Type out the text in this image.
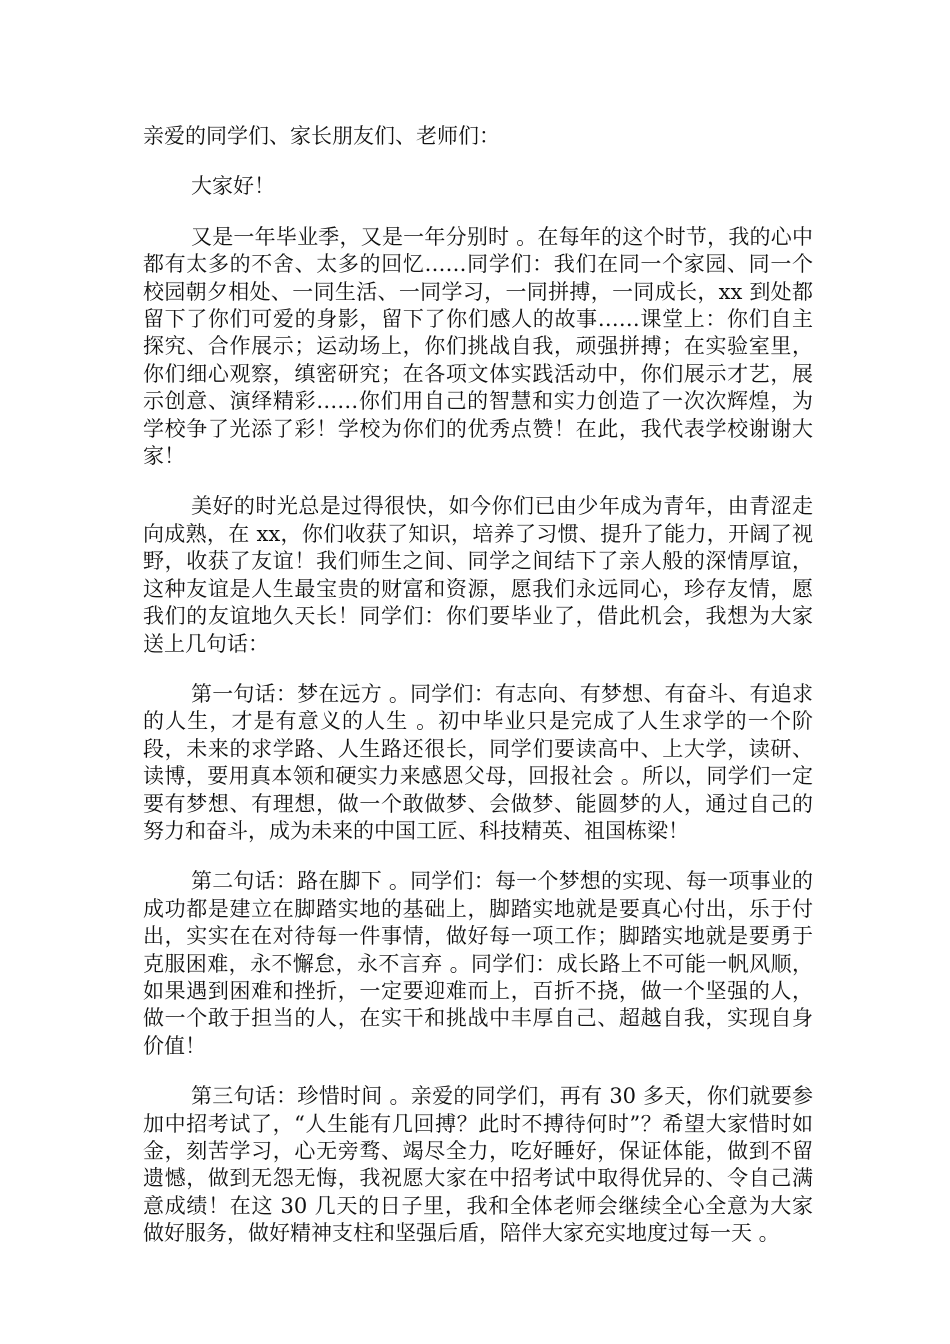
亲爱的同学们、家长朋友们、老师们：

大家好！

又是一年毕业季，又是一年分别时 。在每年的这个时节，我的心中都有太多的不舍、太多的回忆……同学们：我们在同一个家园、同一个校园朝夕相处、一同生活、一同学习，一同拼搏，一同成长，xx 到处都留下了你们可爱的身影，留下了你们感人的故事……课堂上：你们自主探究、合作展示；运动场上，你们挑战自我，顽强拼搏；在实验室里，你们细心观察，缜密研究；在各项文体实践活动中，你们展示才艺，展示创意、演绎精彩……你们用自己的智慧和实力创造了一次次辉煌，为学校争了光添了彩！学校为你们的优秀点赞！在此，我代表学校谢谢大家！

美好的时光总是过得很快，如今你们已由少年成为青年，由青涩走向成熟，在 xx，你们收获了知识，培养了习惯、提升了能力，开阔了视野，收获了友谊！我们师生之间、同学之间结下了亲人般的深情厚谊，这种友谊是人生最宝贵的财富和资源，愿我们永远同心，珍存友情，愿我们的友谊地久天长！同学们：你们要毕业了，借此机会，我想为大家送上几句话：

第一句话：梦在远方 。同学们：有志向、有梦想、有奋斗、有追求的人生，才是有意义的人生 。初中毕业只是完成了人生求学的一个阶段，未来的求学路、人生路还很长，同学们要读高中、上大学，读研、读博，要用真本领和硬实力来感恩父母，回报社会 。所以，同学们一定要有梦想、有理想，做一个敢做梦、会做梦、能圆梦的人，通过自己的努力和奋斗，成为未来的中国工匠、科技精英、祖国栋梁！

第二句话：路在脚下 。同学们：每一个梦想的实现、每一项事业的成功都是建立在脚踏实地的基础上，脚踏实地就是要真心付出，乐于付出，实实在在对待每一件事情，做好每一项工作；脚踏实地就是要勇于克服困难，永不懈怠，永不言弃 。同学们：成长路上不可能一帆风顺，如果遇到困难和挫折，一定要迎难而上，百折不挠，做一个坚强的人，做一个敢于担当的人，在实干和挑战中丰厚自己、超越自我，实现自身价值！

第三句话：珍惜时间 。亲爱的同学们，再有 30 多天，你们就要参加中招考试了，“人生能有几回搏？此时不搏待何时”？希望大家惜时如金，刻苦学习，心无旁骛、竭尽全力，吃好睡好，保证体能，做到不留遗憾，做到无怨无悔，我祝愿大家在中招考试中取得优异的、令自己满意成绩！在这 30 几天的日子里，我和全体老师会继续全心全意为大家做好服务，做好精神支柱和坚强后盾，陪伴大家充实地度过每一天 。
